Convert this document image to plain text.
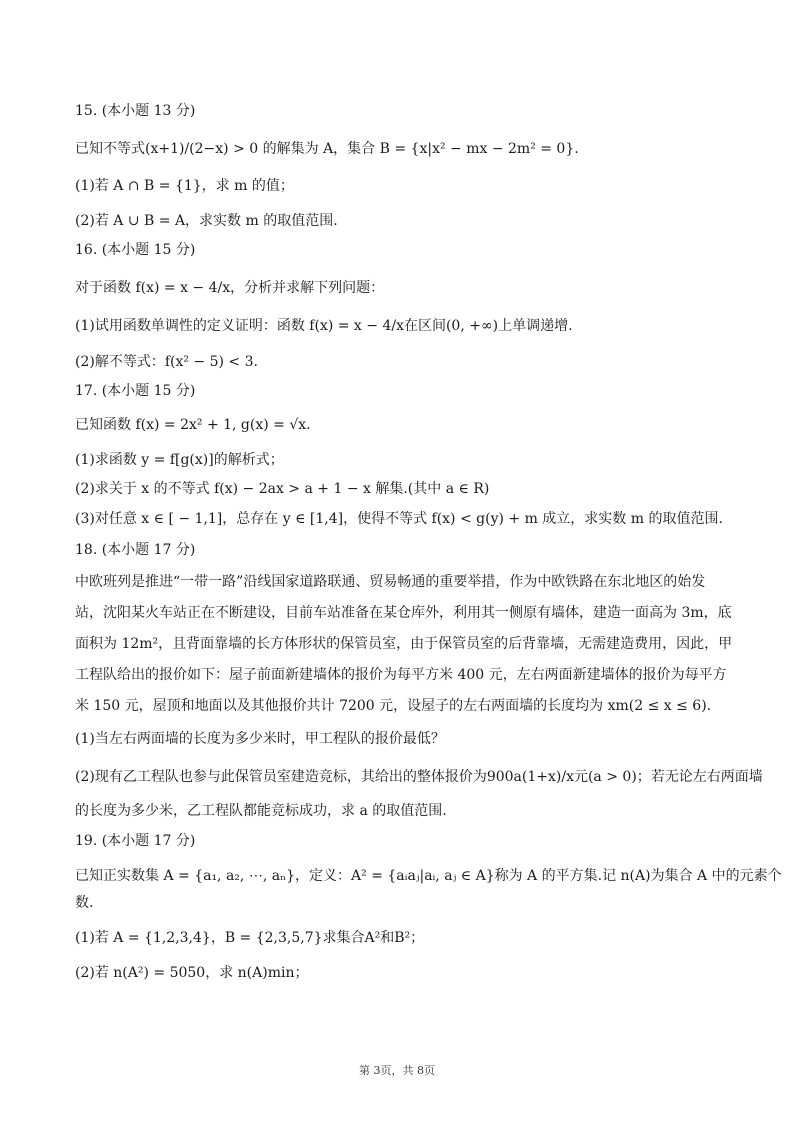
15. (本小题 13 分)
已知不等式(x+1)/(2−x) > 0 的解集为 A，集合 B = {x|x² − mx − 2m² = 0}.
(1)若 A ∩ B = {1}，求 m 的值；
(2)若 A ∪ B = A，求实数 m 的取值范围.
16. (本小题 15 分)
对于函数 f(x) = x − 4/x，分析并求解下列问题：
(1)试用函数单调性的定义证明：函数 f(x) = x − 4/x在区间(0, +∞)上单调递增.
(2)解不等式：f(x² − 5) < 3.
17. (本小题 15 分)
已知函数 f(x) = 2x² + 1, g(x) = √x.
(1)求函数 y = f[g(x)]的解析式；
(2)求关于 x 的不等式 f(x) − 2ax > a + 1 − x 解集.(其中 a ∈ R)
(3)对任意 x ∈ [ − 1,1]，总存在 y ∈ [1,4]，使得不等式 f(x) < g(y) + m 成立，求实数 m 的取值范围.
18. (本小题 17 分)
中欧班列是推进“一带一路”沿线国家道路联通、贸易畅通的重要举措，作为中欧铁路在东北地区的始发
站，沈阳某火车站正在不断建设，目前车站准备在某仓库外，利用其一侧原有墙体，建造一面高为 3m，底
面积为 12m²，且背面靠墙的长方体形状的保管员室，由于保管员室的后背靠墙，无需建造费用，因此，甲
工程队给出的报价如下：屋子前面新建墙体的报价为每平方米 400 元，左右两面新建墙体的报价为每平方
米 150 元，屋顶和地面以及其他报价共计 7200 元，设屋子的左右两面墙的长度均为 xm(2 ≤ x ≤ 6).
(1)当左右两面墙的长度为多少米时，甲工程队的报价最低？
(2)现有乙工程队也参与此保管员室建造竞标，其给出的整体报价为900a(1+x)/x元(a > 0)；若无论左右两面墙
的长度为多少米，乙工程队都能竞标成功，求 a 的取值范围.
19. (本小题 17 分)
已知正实数集 A = {a₁, a₂, ⋯, aₙ}，定义：A² = {aᵢaⱼ|aᵢ, aⱼ ∈ A}称为 A 的平方集.记 n(A)为集合 A 中的元素个
数.
(1)若 A = {1,2,3,4}，B = {2,3,5,7}求集合A²和B²；
(2)若 n(A²) = 5050，求 n(A)min；
第 3页，共 8页
